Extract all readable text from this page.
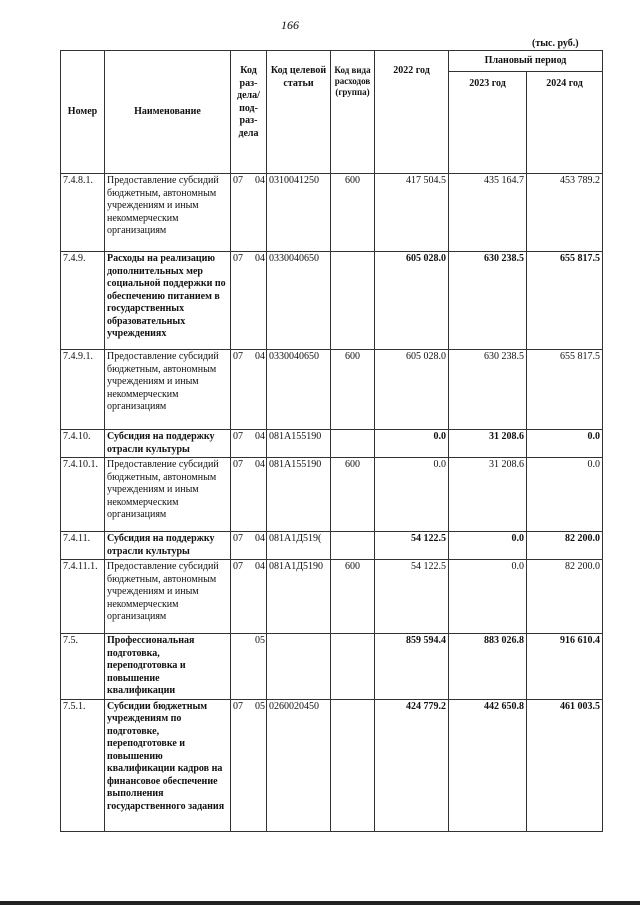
166
(тыс. руб.)
Номер	Наименование	Код раз-дела/ под-раз-дела	Код целевой статьи	Код вида расходов (группа)	2022 год	Плановый период	
						2023 год	2024 год
7.4.8.1.	Предоставление субсидий бюджетным, автономным учреждениям и иным некоммерческим организациям	07 04	0310041250	600	417 504.5	435 164.7	453 789.2
7.4.9.	Расходы на реализацию дополнительных мер социальной поддержки по обеспечению питанием в государственных образовательных учреждениях	07 04	0330040650		605 028.0	630 238.5	655 817.5
7.4.9.1.	Предоставление субсидий бюджетным, автономным учреждениям и иным некоммерческим организациям	07 04	0330040650	600	605 028.0	630 238.5	655 817.5
7.4.10.	Субсидия на поддержку отрасли культуры	07 04	081А155190		0.0	31 208.6	0.0
7.4.10.1.	Предоставление субсидий бюджетным, автономным учреждениям и иным некоммерческим организациям	07 04	081А155190	600	0.0	31 208.6	0.0
7.4.11.	Субсидия на поддержку отрасли культуры	07 04	081А1Д519(		54 122.5	0.0	82 200.0
7.4.11.1.	Предоставление субсидий бюджетным, автономным учреждениям и иным некоммерческим организациям	07 04	081А1Д5190	600	54 122.5	0.0	82 200.0
7.5.	Профессиональная подготовка, переподготовка и повышение квалификации	05			859 594.4	883 026.8	916 610.4
7.5.1.	Субсидии бюджетным учреждениям по подготовке, переподготовке и повышению квалификации кадров на финансовое обеспечение выполнения государственного задания	07 05	0260020450		424 779.2	442 650.8	461 003.5
